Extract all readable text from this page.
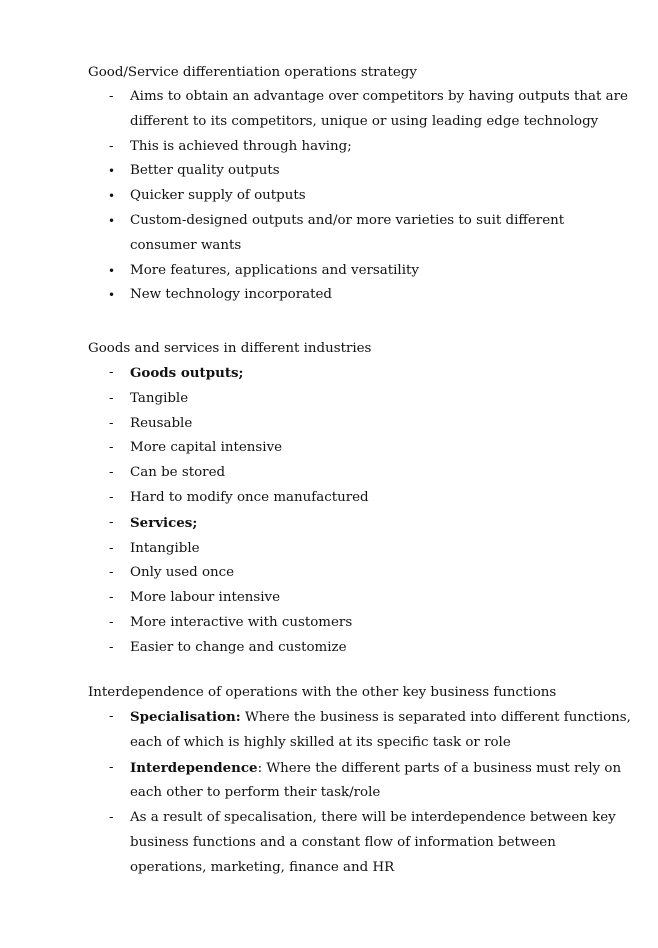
Good/Service differentiation operations strategy

-	Aims to obtain an advantage over competitors by having outputs that are
different to its competitors, unique or using leading edge technology
-	This is achieved through having;
•	Better quality outputs
•	Quicker supply of outputs
•	Custom-designed outputs and/or more varieties to suit different
consumer wants
•	More features, applications and versatility
•	New technology incorporated

Goods and services in different industries

-	Goods outputs;
-	Tangible
-	Reusable
-	More capital intensive
-	Can be stored
-	Hard to modify once manufactured
-	Services;
-	Intangible
-	Only used once
-	More labour intensive
-	More interactive with customers
-	Easier to change and customize

Interdependence of operations with the other key business functions

-	Specialisation: Where the business is separated into different functions,
each of which is highly skilled at its specific task or role
-	Interdependence: Where the different parts of a business must rely on
each other to perform their task/role
-	As a result of specalisation, there will be interdependence between key
business functions and a constant flow of information between
operations, marketing, finance and HR
